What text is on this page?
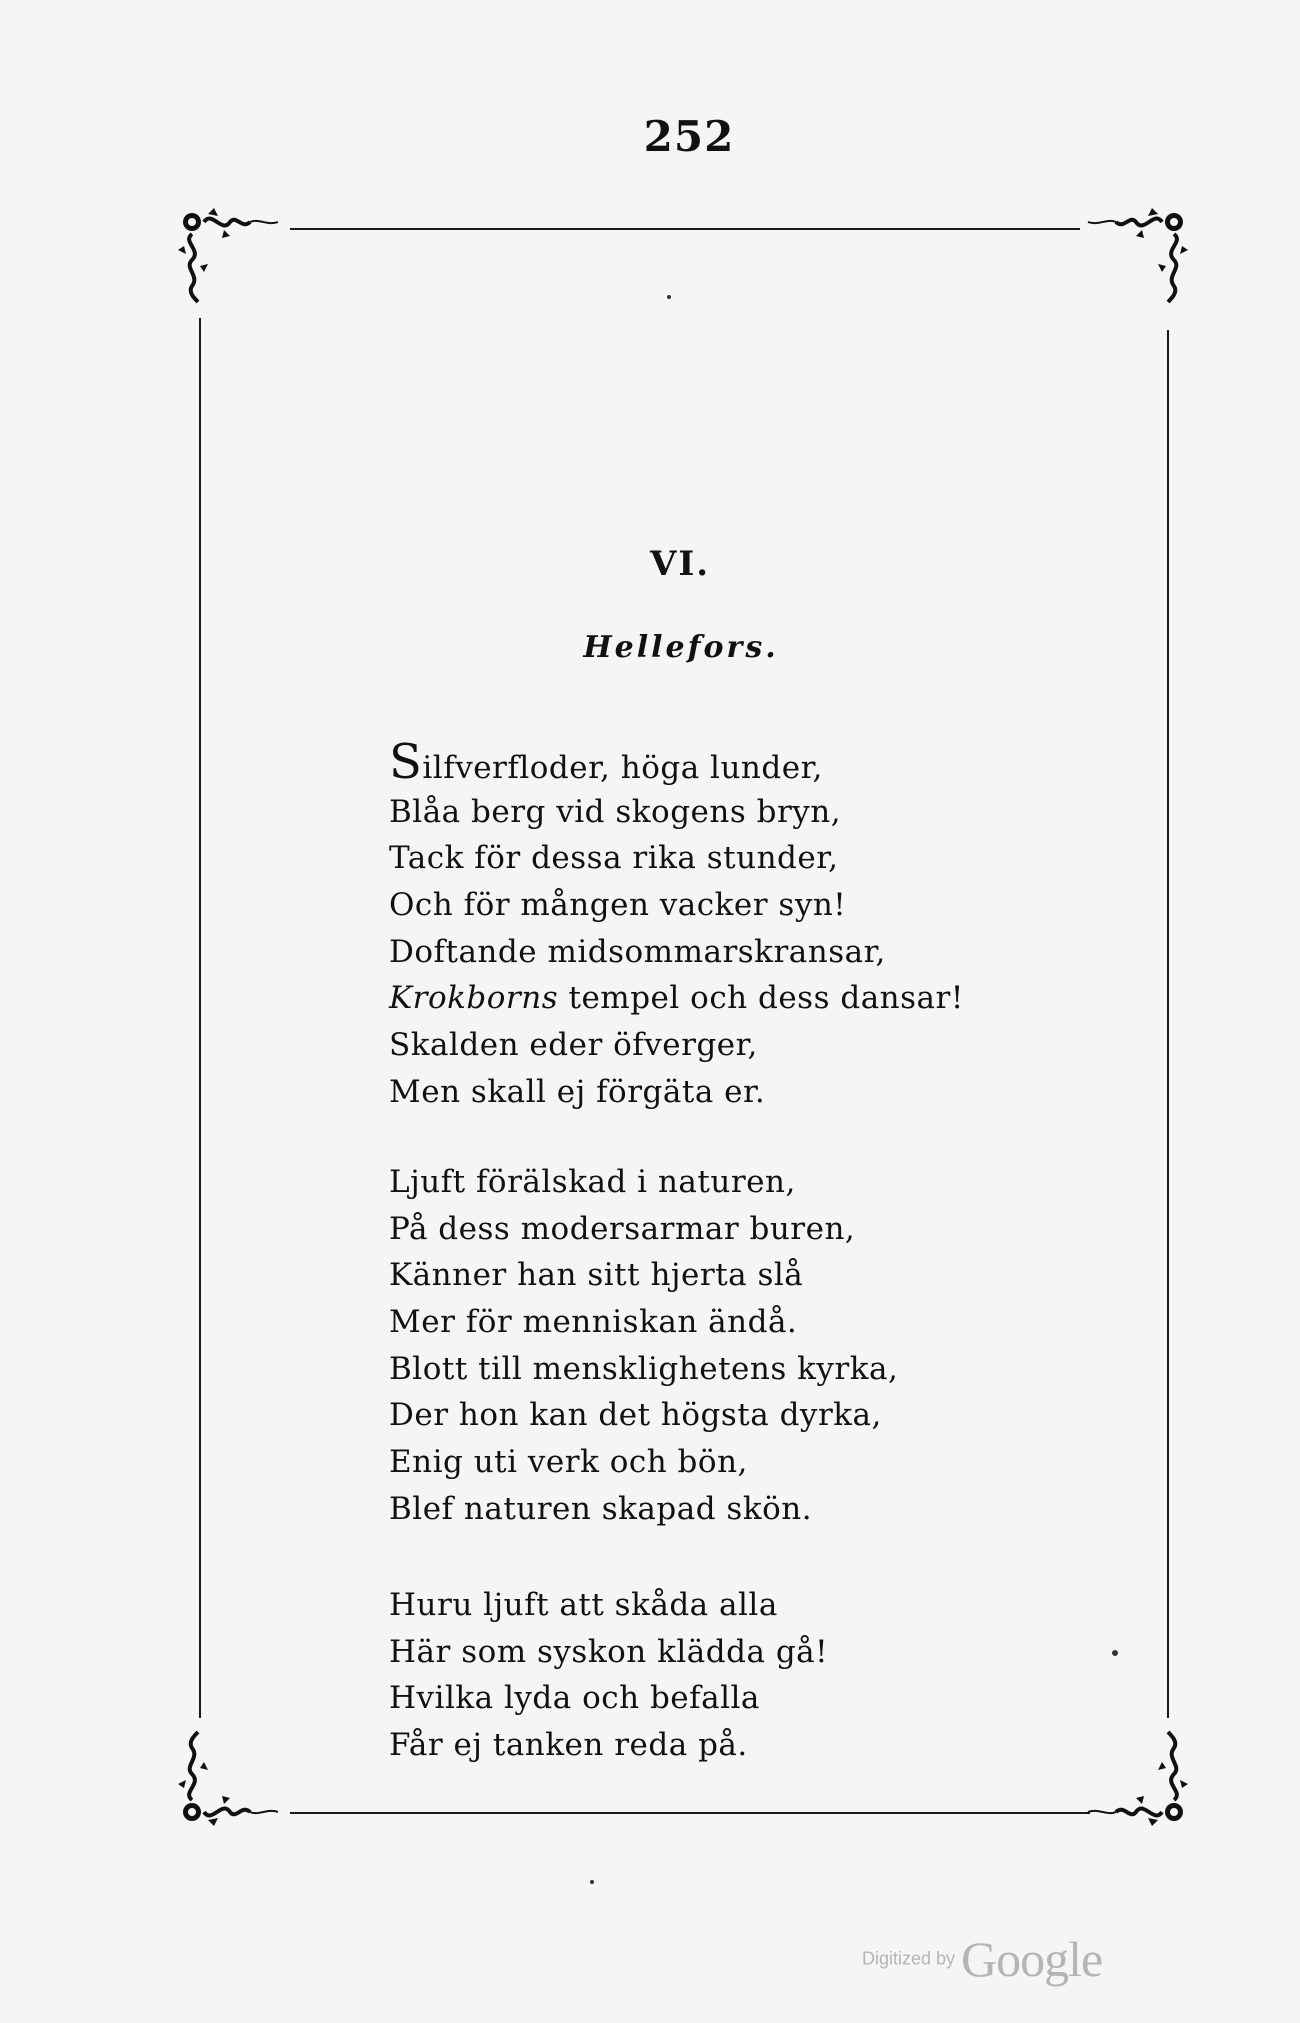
252
VI.
Hellefors.
Silfverfloder, höga lunder,
Blåa berg vid skogens bryn,
Tack för dessa rika stunder,
Och för mången vacker syn!
Doftande midsommarskransar,
Krokborns tempel och dess dansar!
Skalden eder öfverger,
Men skall ej förgäta er.
Ljuft förälskad i naturen,
På dess modersarmar buren,
Känner han sitt hjerta slå
Mer för menniskan ändå.
Blott till mensklighetens kyrka,
Der hon kan det högsta dyrka,
Enig uti verk och bön,
Blef naturen skapad skön.
Huru ljuft att skåda alla
Här som syskon klädda gå!
Hvilka lyda och befalla
Får ej tanken reda på.
Digitized by Google
